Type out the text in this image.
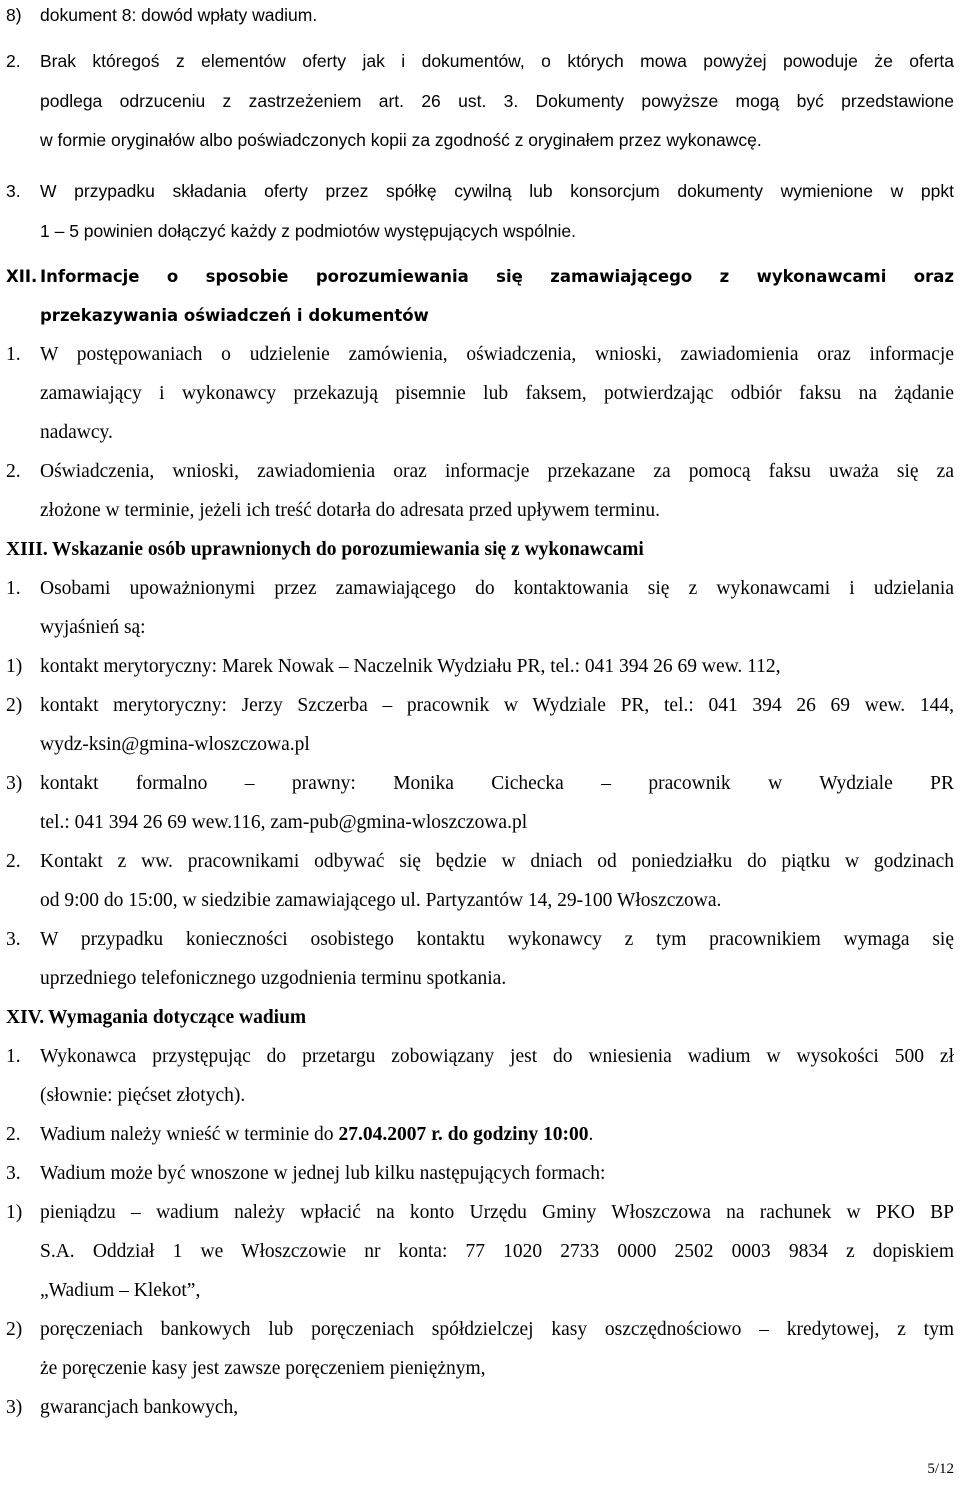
8) dokument 8: dowód wpłaty wadium.
2. Brak któregoś z elementów oferty jak i dokumentów, o których mowa powyżej powoduje że oferta
podlega odrzuceniu z zastrzeżeniem art. 26 ust. 3. Dokumenty powyższe mogą być przedstawione
w formie oryginałów albo poświadczonych kopii za zgodność z oryginałem przez wykonawcę.
3. W przypadku składania oferty przez spółkę cywilną lub konsorcjum dokumenty wymienione w ppkt
1 – 5 powinien dołączyć każdy z podmiotów występujących wspólnie.
XII. Informacje o sposobie porozumiewania się zamawiającego z wykonawcami oraz
przekazywania oświadczeń i dokumentów
1. W postępowaniach o udzielenie zamówienia, oświadczenia, wnioski, zawiadomienia oraz informacje
zamawiający i wykonawcy przekazują pisemnie lub faksem, potwierdzając odbiór faksu na żądanie
nadawcy.
2. Oświadczenia, wnioski, zawiadomienia oraz informacje przekazane za pomocą faksu uważa się za
złożone w terminie, jeżeli ich treść dotarła do adresata przed upływem terminu.
XIII. Wskazanie osób uprawnionych do porozumiewania się z wykonawcami
1. Osobami upoważnionymi przez zamawiającego do kontaktowania się z wykonawcami i udzielania
wyjaśnień są:
1) kontakt merytoryczny: Marek Nowak – Naczelnik Wydziału PR, tel.: 041 394 26 69 wew. 112,
2) kontakt merytoryczny: Jerzy Szczerba – pracownik w Wydziale PR, tel.: 041 394 26 69 wew. 144,
wydz-ksin@gmina-wloszczowa.pl
3) kontakt formalno – prawny: Monika Cichecka – pracownik w Wydziale PR
tel.: 041 394 26 69 wew.116, zam-pub@gmina-wloszczowa.pl
2. Kontakt z ww. pracownikami odbywać się będzie w dniach od poniedziałku do piątku w godzinach
od 9:00 do 15:00, w siedzibie zamawiającego ul. Partyzantów 14, 29-100 Włoszczowa.
3. W przypadku konieczności osobistego kontaktu wykonawcy z tym pracownikiem wymaga się
uprzedniego telefonicznego uzgodnienia terminu spotkania.
XIV. Wymagania dotyczące wadium
1. Wykonawca przystępując do przetargu zobowiązany jest do wniesienia wadium w wysokości 500 zł
(słownie: pięćset złotych).
2. Wadium należy wnieść w terminie do 27.04.2007 r. do godziny 10:00.
3. Wadium może być wnoszone w jednej lub kilku następujących formach:
1) pieniądzu – wadium należy wpłacić na konto Urzędu Gminy Włoszczowa na rachunek w PKO BP
S.A. Oddział 1 we Włoszczowie nr konta: 77 1020 2733 0000 2502 0003 9834 z dopiskiem
„Wadium – Klekot”,
2) poręczeniach bankowych lub poręczeniach spółdzielczej kasy oszczędnościowo – kredytowej, z tym
że poręczenie kasy jest zawsze poręczeniem pieniężnym,
3) gwarancjach bankowych,
5/12
